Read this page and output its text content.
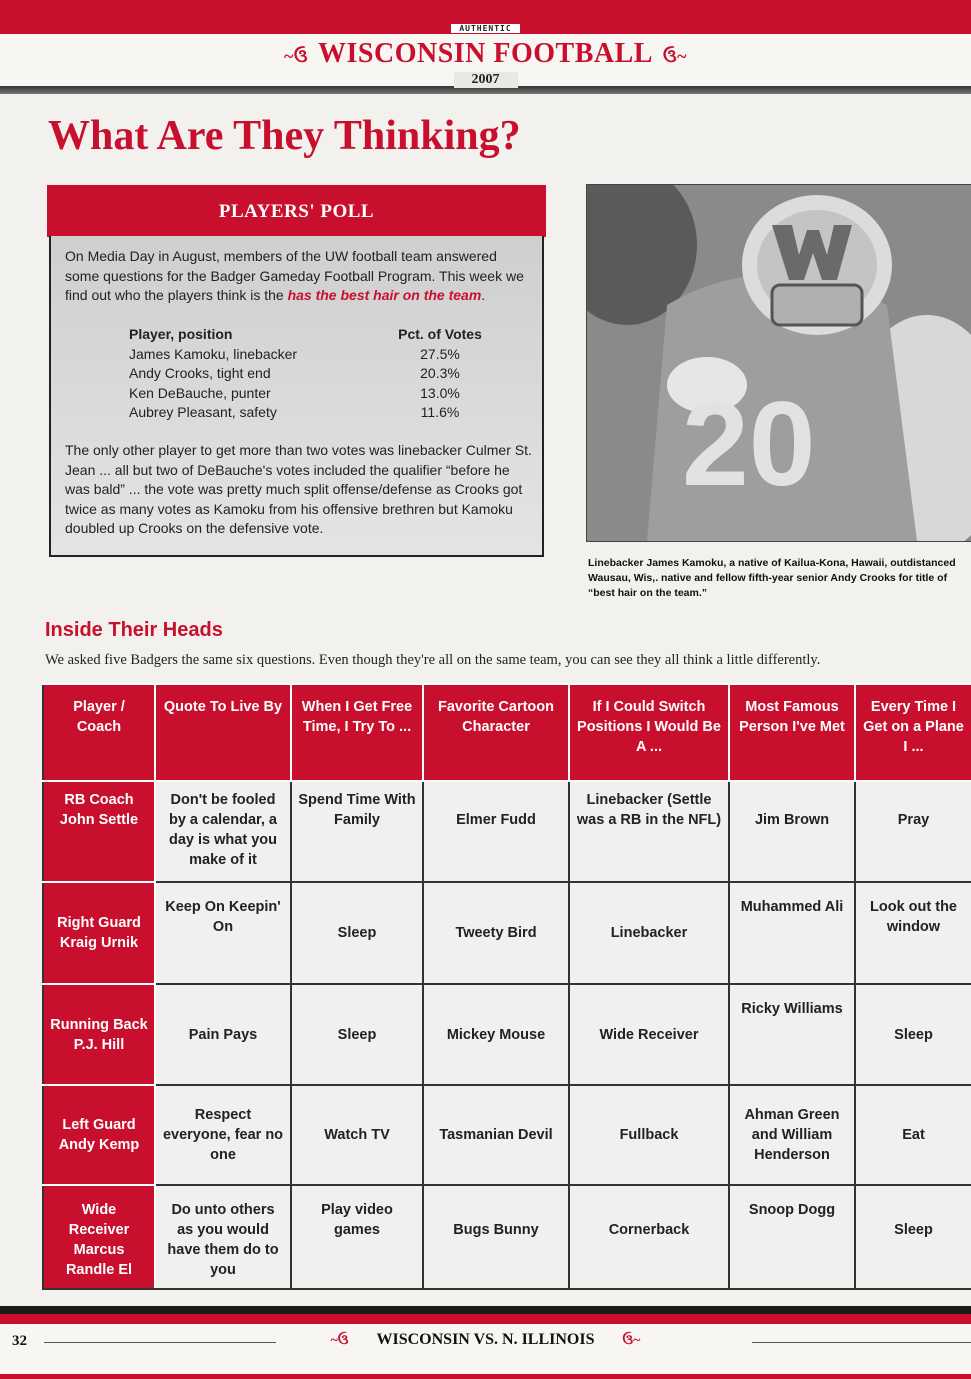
AUTHENTIC
~ઉ WISCONSIN FOOTBALL ઉ~
2007
What Are They Thinking?
PLAYERS' POLL
On Media Day in August, members of the UW football team answered some questions for the Badger Gameday Football Program. This week we find out who the players think is the has the best hair on the team.
Player, position	Pct. of Votes
James Kamoku, linebacker	27.5%
Andy Crooks, tight end	20.3%
Ken DeBauche, punter	13.0%
Aubrey Pleasant, safety	11.6%
The only other player to get more than two votes was linebacker Culmer St. Jean ... all but two of DeBauche's votes included the qualifier “before he was bald” ... the vote was pretty much split offense/defense as Crooks got twice as many votes as Kamoku from his offensive brethren but Kamoku doubled up Crooks on the defensive vote.
20
Linebacker James Kamoku, a native of Kailua-Kona, Hawaii, outdistanced Wausau, Wis,. native and fellow fifth-year senior Andy Crooks for title of “best hair on the team.”
Inside Their Heads
We asked five Badgers the same six questions. Even though they're all on the same team, you can see they all think a little differently.
Player / Coach	Quote To Live By	When I Get Free Time, I Try To ...	Favorite Cartoon Character	If I Could Switch Positions I Would Be A ...	Most Famous Person I've Met	Every Time I Get on a Plane I ...
RB Coach John Settle	Don't be fooled by a calendar, a day is what you make of it	Spend Time With Family	Elmer Fudd	Linebacker (Settle was a RB in the NFL)	Jim Brown	Pray
Right Guard Kraig Urnik	Keep On Keepin' On	Sleep	Tweety Bird	Linebacker	Muhammed Ali	Look out the window
Running Back P.J. Hill	Pain Pays	Sleep	Mickey Mouse	Wide Receiver	Ricky Williams	Sleep
Left Guard Andy Kemp	Respect everyone, fear no one	Watch TV	Tasmanian Devil	Fullback	Ahman Green and William Henderson	Eat
Wide Receiver Marcus Randle El	Do unto others as you would have them do to you	Play video games	Bugs Bunny	Cornerback	Snoop Dogg	Sleep
32	~ઉ WISCONSIN VS. N. ILLINOIS ઉ~
